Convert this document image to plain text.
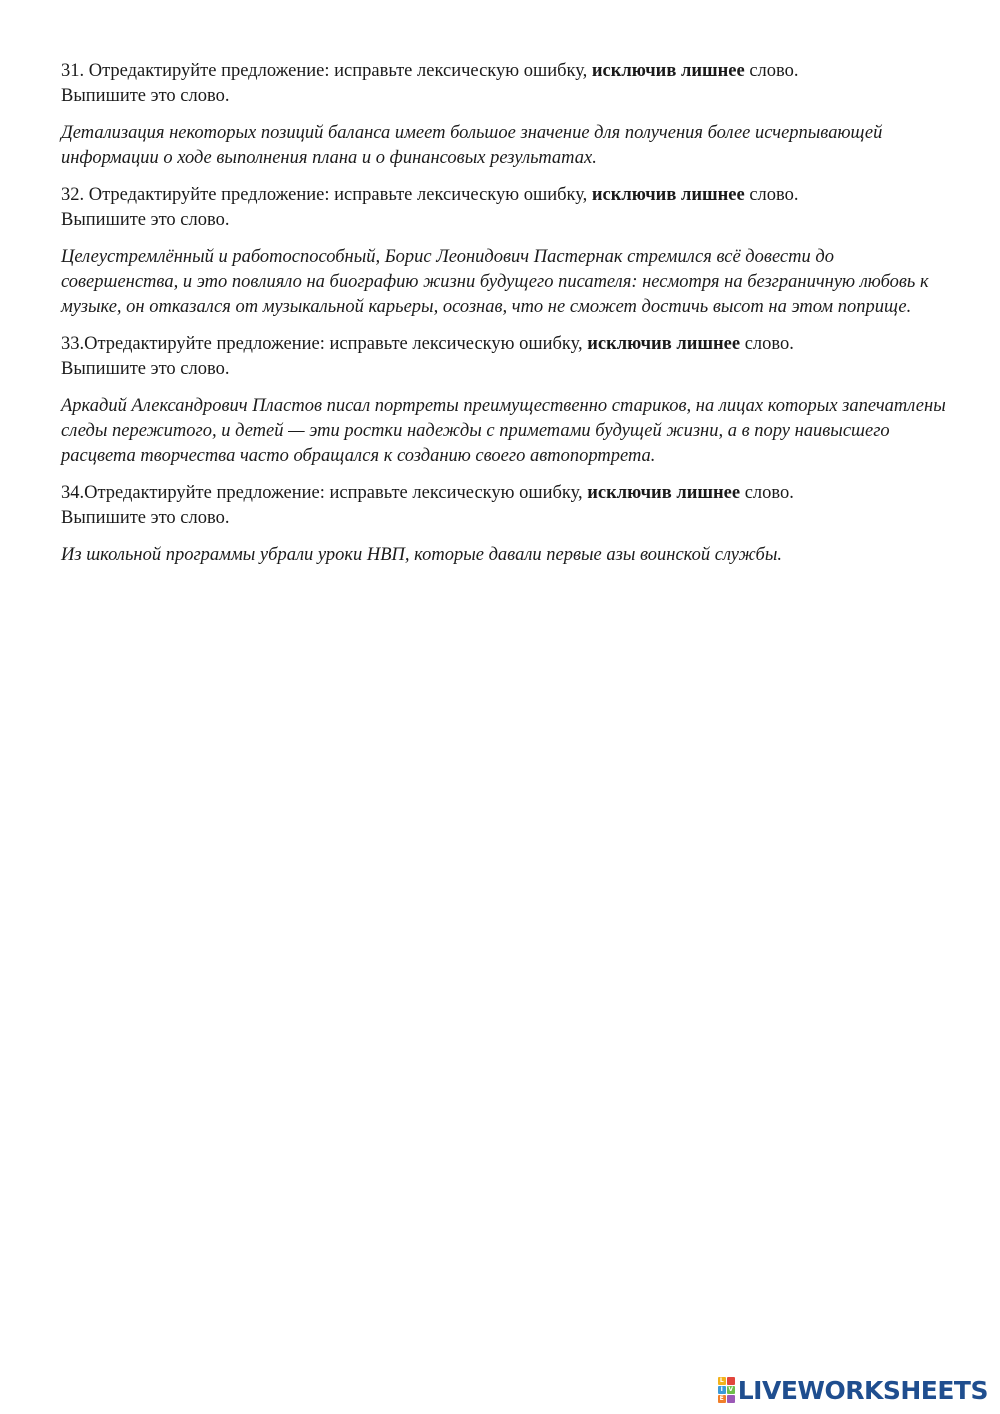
31. Отредактируйте предложение: исправьте лексическую ошибку, исключив лишнее слово.
Выпишите это слово.

Детализация некоторых позиций баланса имеет большое значение для получения более исчерпывающей информации о ходе выполнения плана и о финансовых результатах.

32. Отредактируйте предложение: исправьте лексическую ошибку, исключив лишнее слово.
Выпишите это слово.

Целеустремлённый и работоспособный, Борис Леонидович Пастернак стремился всё довести до совершенства, и это повлияло на биографию жизни будущего писателя: несмотря на безграничную любовь к музыке, он отказался от музыкальной карьеры, осознав, что не сможет достичь высот на этом поприще.

33.Отредактируйте предложение: исправьте лексическую ошибку, исключив лишнее слово.
Выпишите это слово.

Аркадий Александрович Пластов писал портреты преимущественно стариков, на лицах которых запечатлены следы пережитого, и детей — эти ростки надежды с приметами будущей жизни, а в пору наивысшего расцвета творчества часто обращался к созданию своего автопортрета.

34.Отредактируйте предложение: исправьте лексическую ошибку, исключив лишнее слово.
Выпишите это слово.

Из школьной программы убрали уроки НВП, которые давали первые азы воинской службы.

L
I V
E LIVEWORKSHEETS
